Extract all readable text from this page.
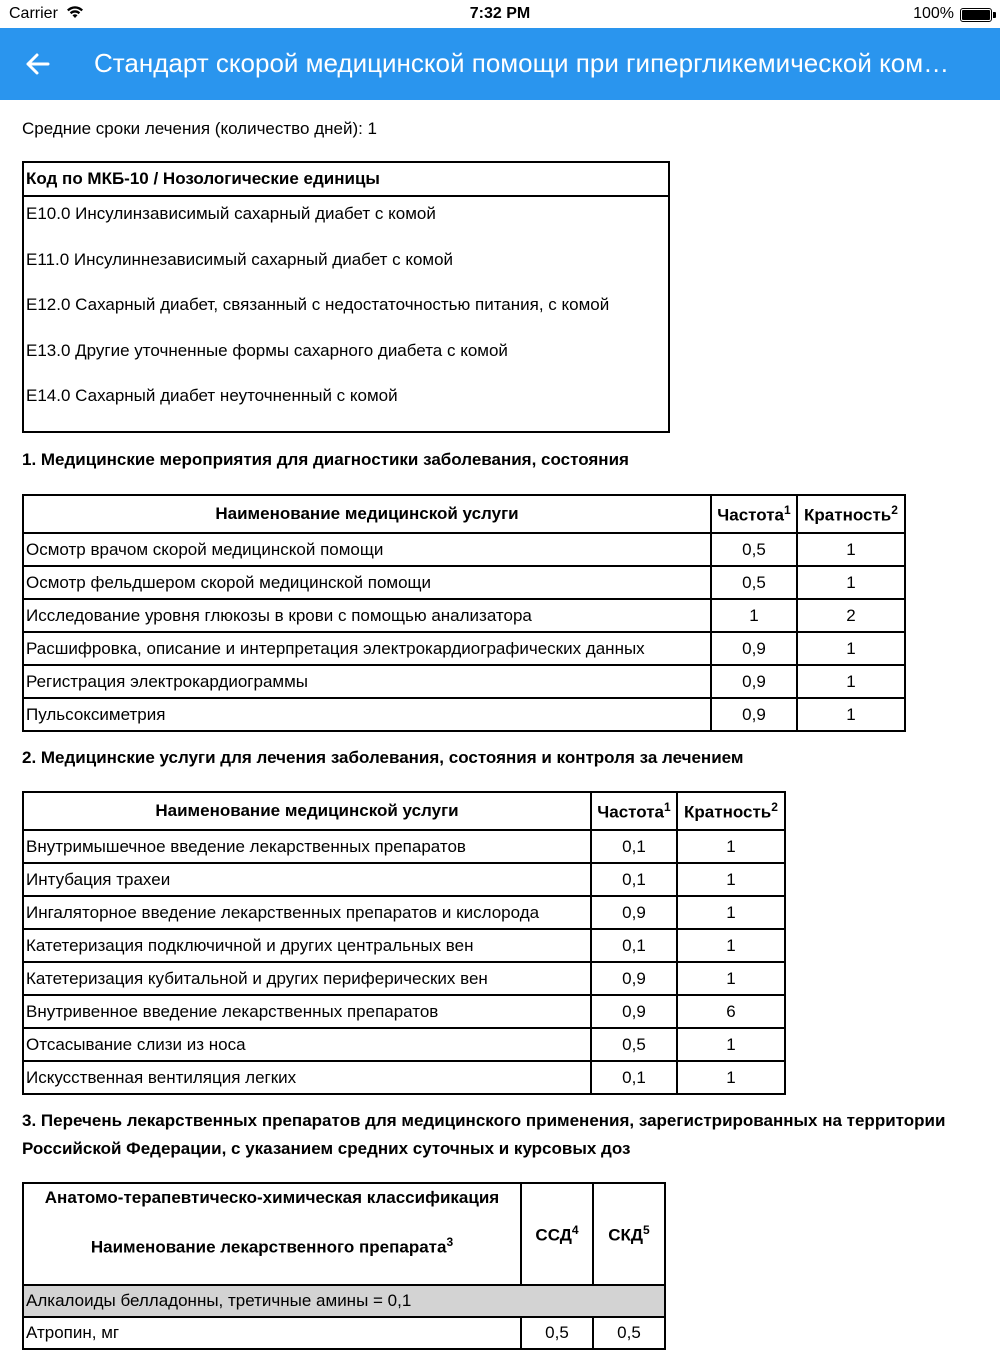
Carrier	7:32 PM	100%
Стандарт скорой медицинской помощи при гипергликемической ком…
Средние сроки лечения (количество дней): 1
Код по МКБ-10 / Нозологические единицы

E10.0 Инсулинзависимый сахарный диабет с комой
E11.0 Инсулиннезависимый сахарный диабет с комой
E12.0 Сахарный диабет, связанный с недостаточностью питания, с комой
E13.0 Другие уточненные формы сахарного диабета с комой
E14.0 Сахарный диабет неуточненный с комой
1. Медицинские мероприятия для диагностики заболевания, состояния
Наименование медицинской услуги	Частота$^1$	Кратность$^2$
Осмотр врачом скорой медицинской помощи	0,5	1
Осмотр фельдшером скорой медицинской помощи	0,5	1
Исследование уровня глюкозы в крови с помощью анализатора	1	2
Расшифровка, описание и интерпретация электрокардиографических данных	0,9	1
Регистрация электрокардиограммы	0,9	1
Пульсоксиметрия	0,9	1
2. Медицинские услуги для лечения заболевания, состояния и контроля за лечением
Наименование медицинской услуги	Частота$^1$	Кратность$^2$
Внутримышечное введение лекарственных препаратов	0,1	1
Интубация трахеи	0,1	1
Ингаляторное введение лекарственных препаратов и кислорода	0,9	1
Катетеризация подключичной и других центральных вен	0,1	1
Катетеризация кубитальной и других периферических вен	0,9	1
Внутривенное введение лекарственных препаратов	0,9	6
Отсасывание слизи из носа	0,5	1
Искусственная вентиляция легких	0,1	1
3. Перечень лекарственных препаратов для медицинского применения, зарегистрированных на территории Российской Федерации, с указанием средних суточных и курсовых доз
Анатомо-терапевтическо-химическая классификация
Наименование лекарственного препарата$^3$	ССД$^4$	СКД$^5$
Алкалоиды белладонны, третичные амины = 0,1		
Атропин, мг	0,5	0,5
